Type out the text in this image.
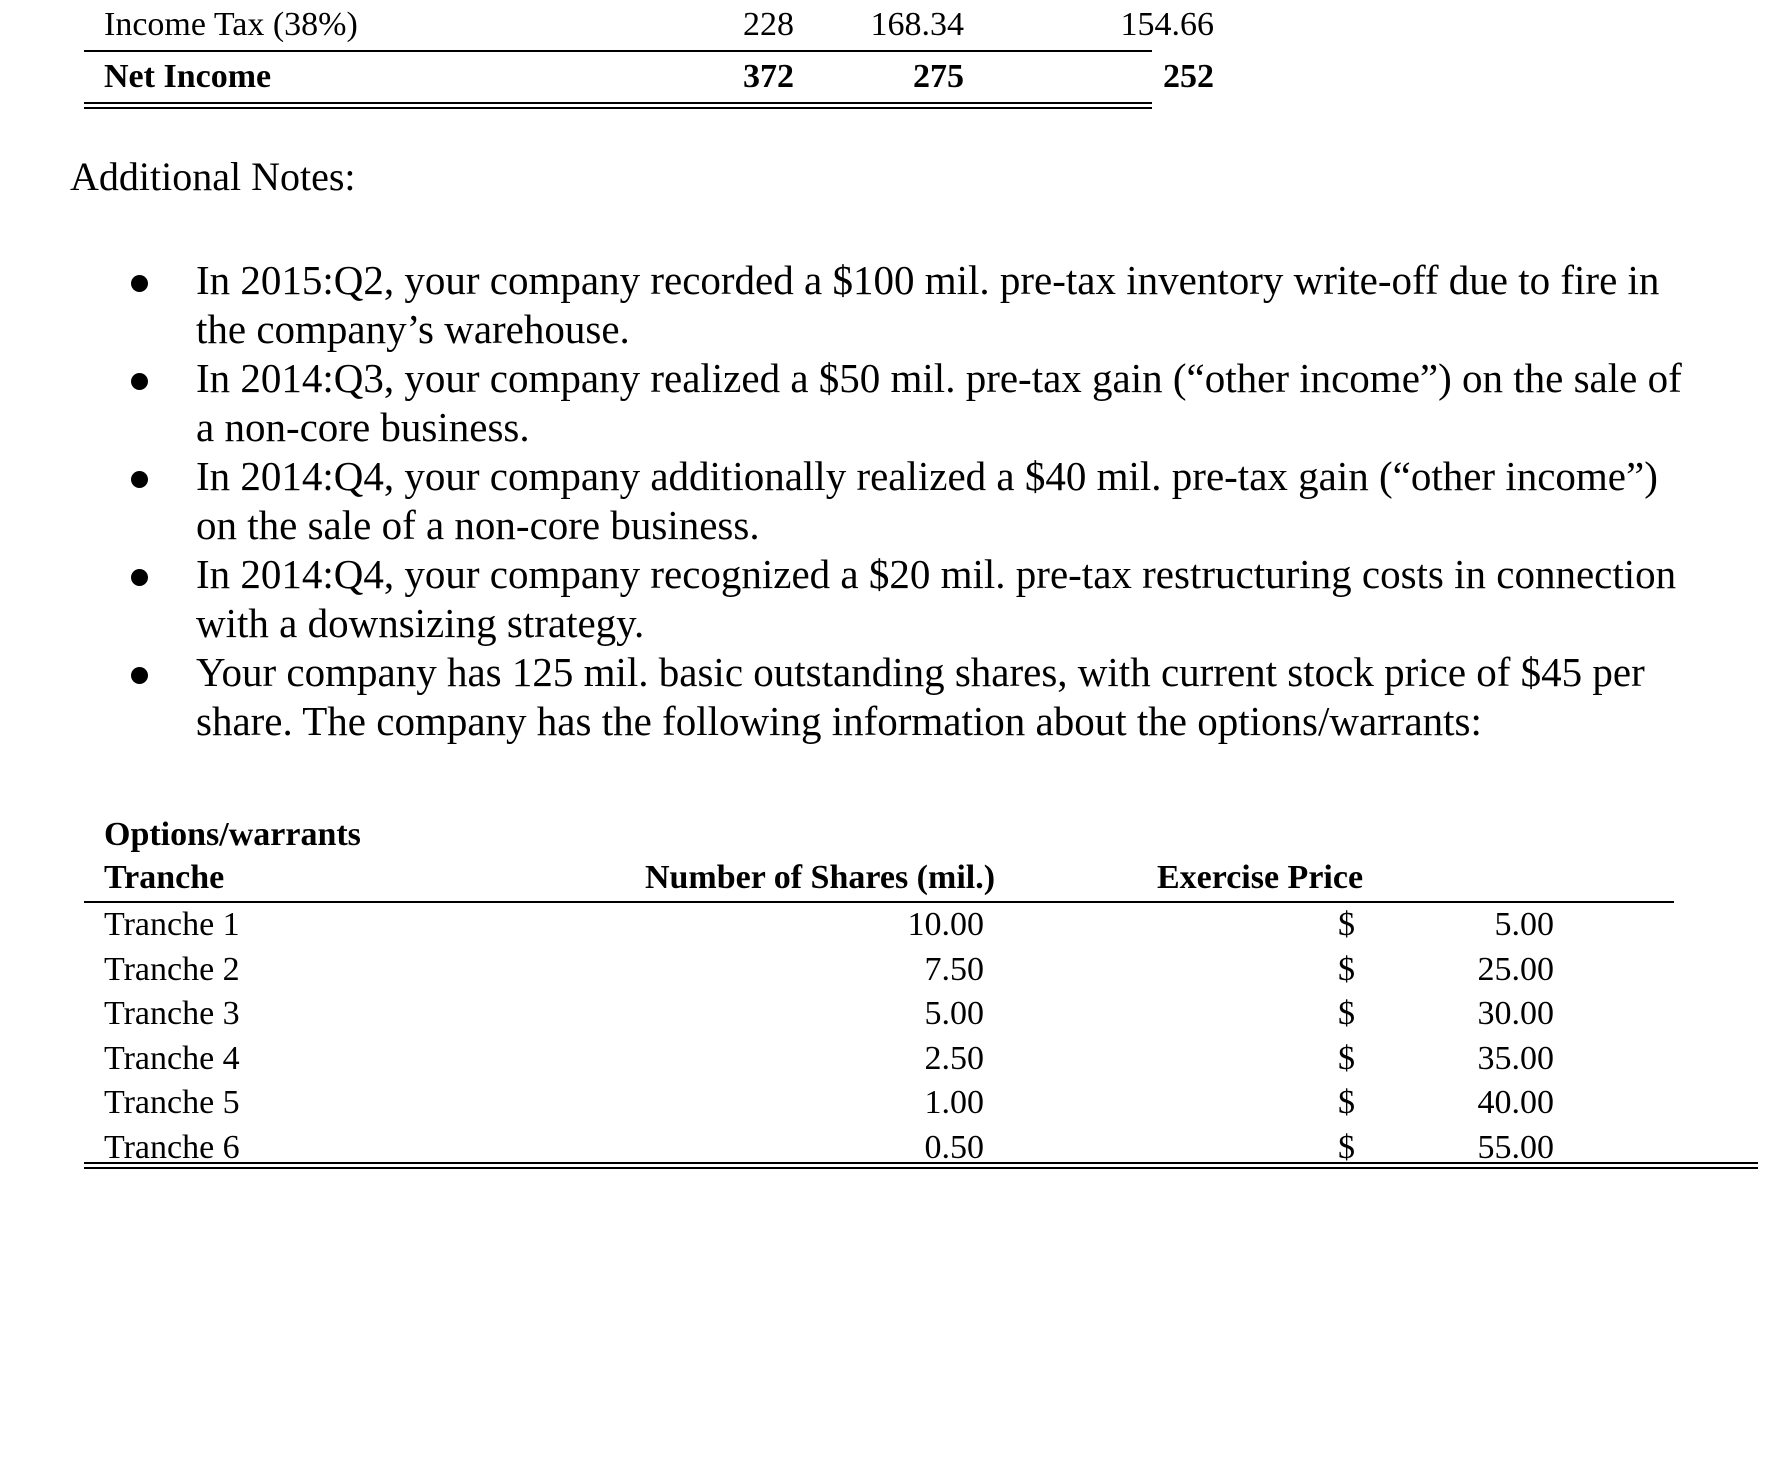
Income Tax (38%)	228	168.34	154.66
Net Income	372	275	252
Additional Notes:
In 2015:Q2, your company recorded a $100 mil. pre-tax inventory write-off due to fire in the company’s warehouse.
In 2014:Q3, your company realized a $50 mil. pre-tax gain (“other income”) on the sale of a non-core business.
In 2014:Q4, your company additionally realized a $40 mil. pre-tax gain (“other income”) on the sale of a non-core business.
In 2014:Q4, your company recognized a $20 mil. pre-tax restructuring costs in connection with a downsizing strategy.
Your company has 125 mil. basic outstanding shares, with current stock price of $45 per share. The company has the following information about the options/warrants:
Options/warrants
Tranche	Number of Shares (mil.)	Exercise Price
Tranche 1	10.00	$	5.00
Tranche 2	7.50	$	25.00
Tranche 3	5.00	$	30.00
Tranche 4	2.50	$	35.00
Tranche 5	1.00	$	40.00
Tranche 6	0.50	$	55.00
